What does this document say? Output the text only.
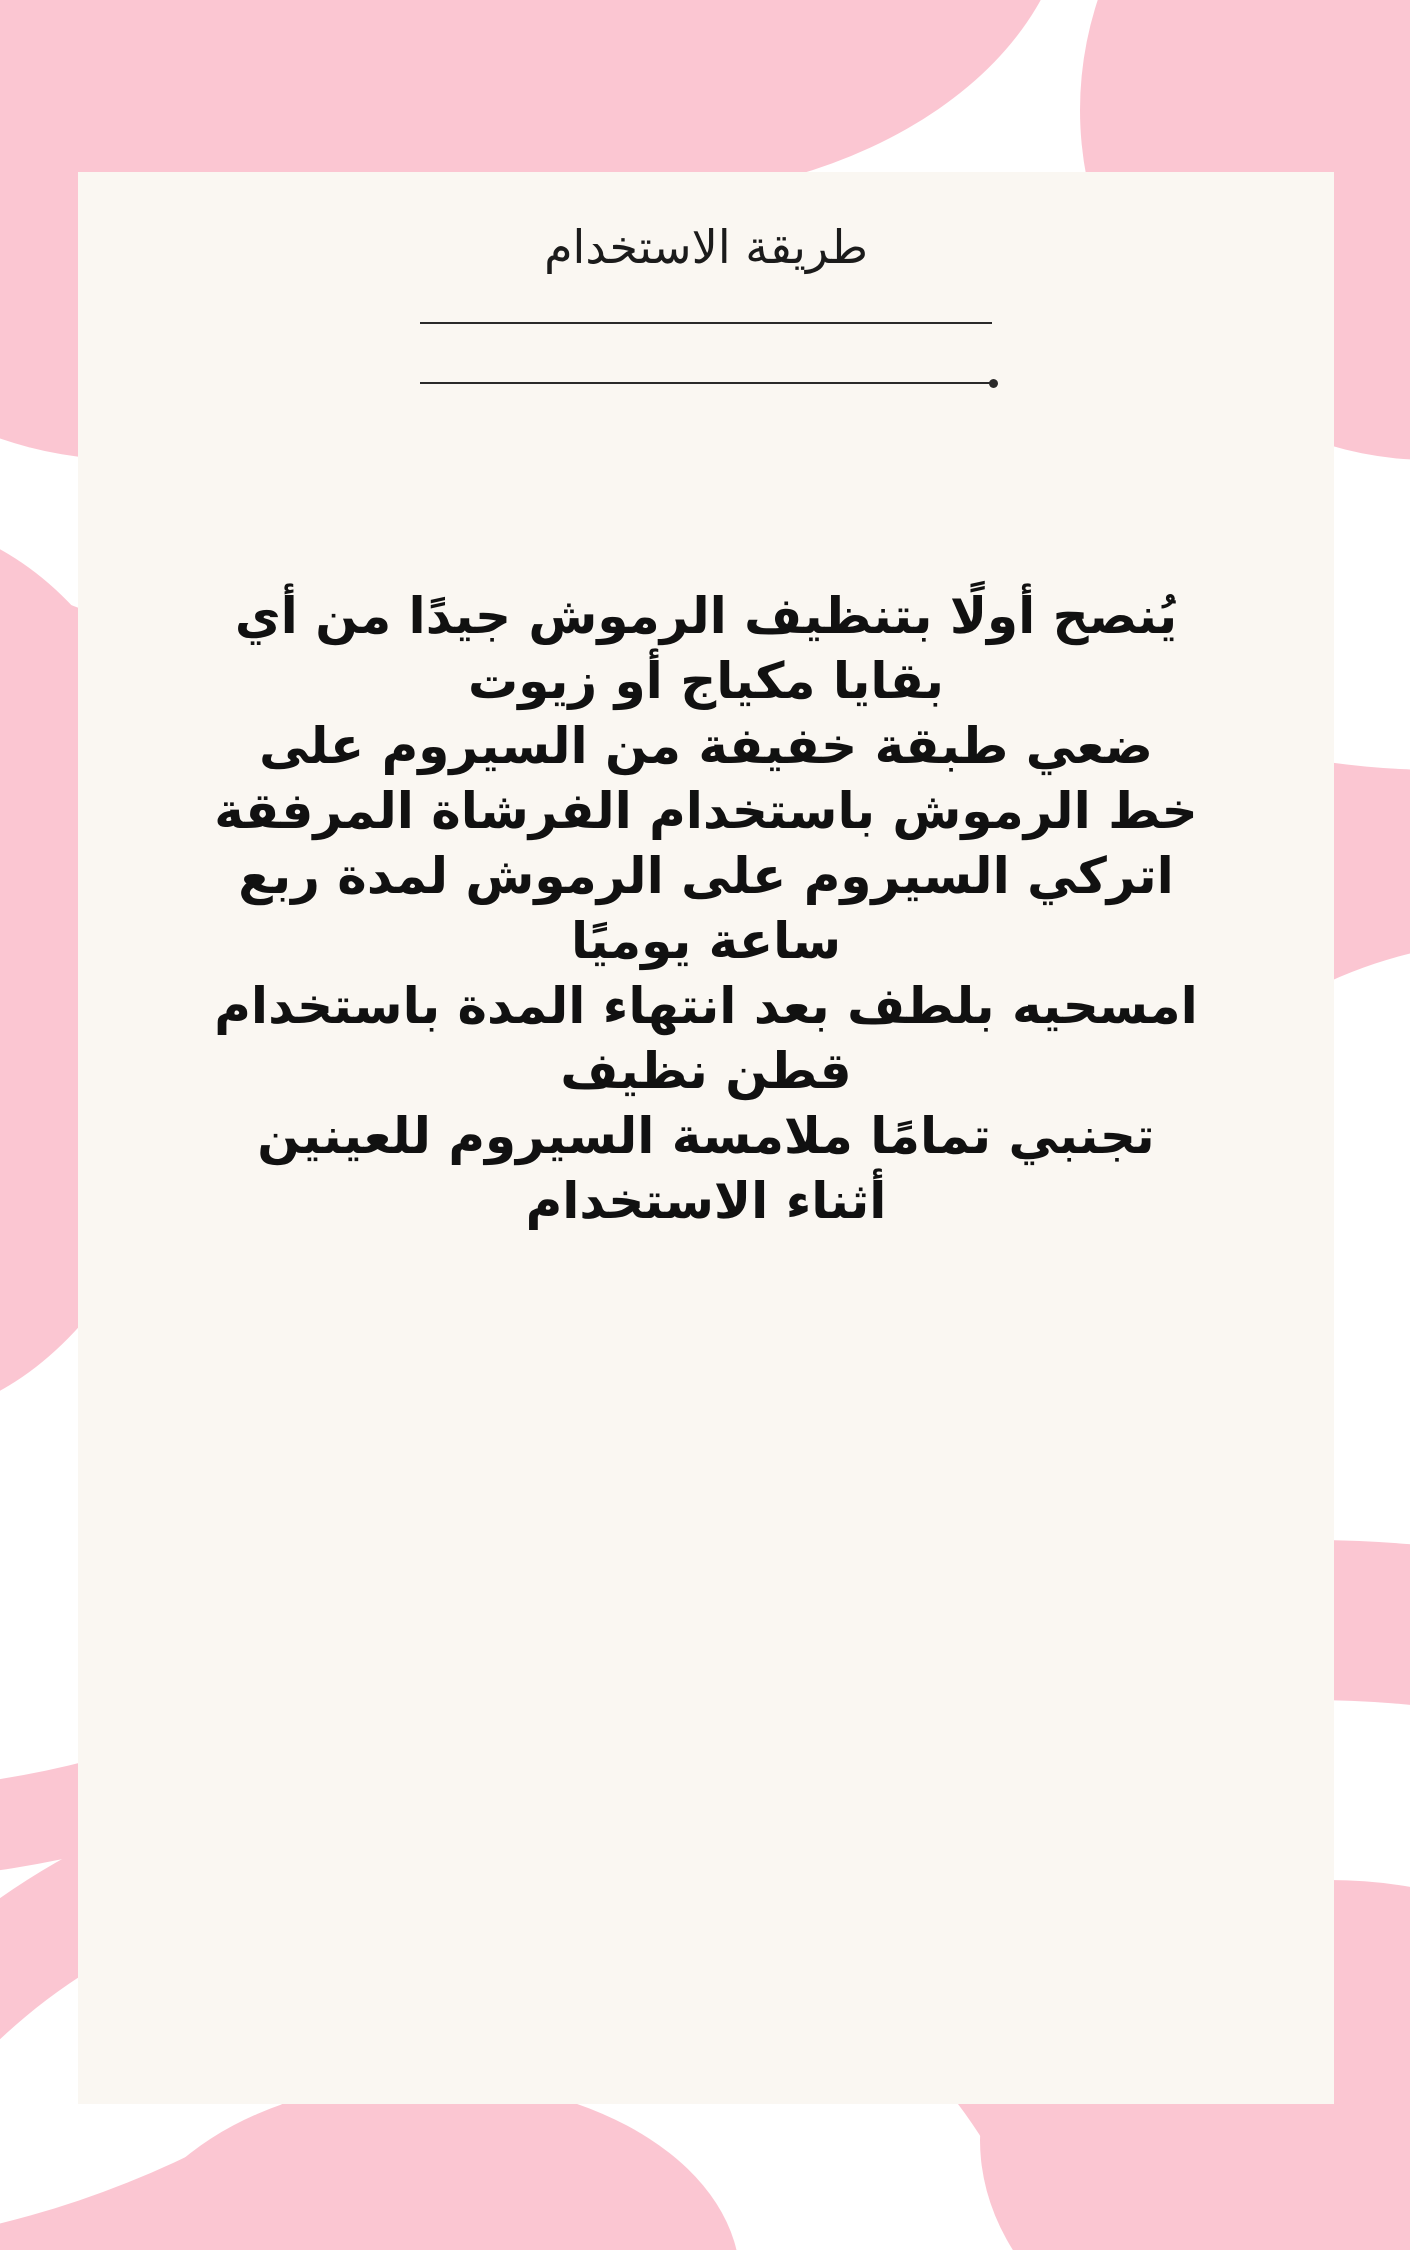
طريقة الاستخدام
يُنصح أولًا بتنظيف الرموش جيدًا من أي بقايا مكياج أو زيوت
ضعي طبقة خفيفة من السيروم على خط الرموش باستخدام الفرشاة المرفقة
اتركي السيروم على الرموش لمدة ربع ساعة يوميًا
امسحيه بلطف بعد انتهاء المدة باستخدام قطن نظيف
تجنبي تمامًا ملامسة السيروم للعينين أثناء الاستخدام
